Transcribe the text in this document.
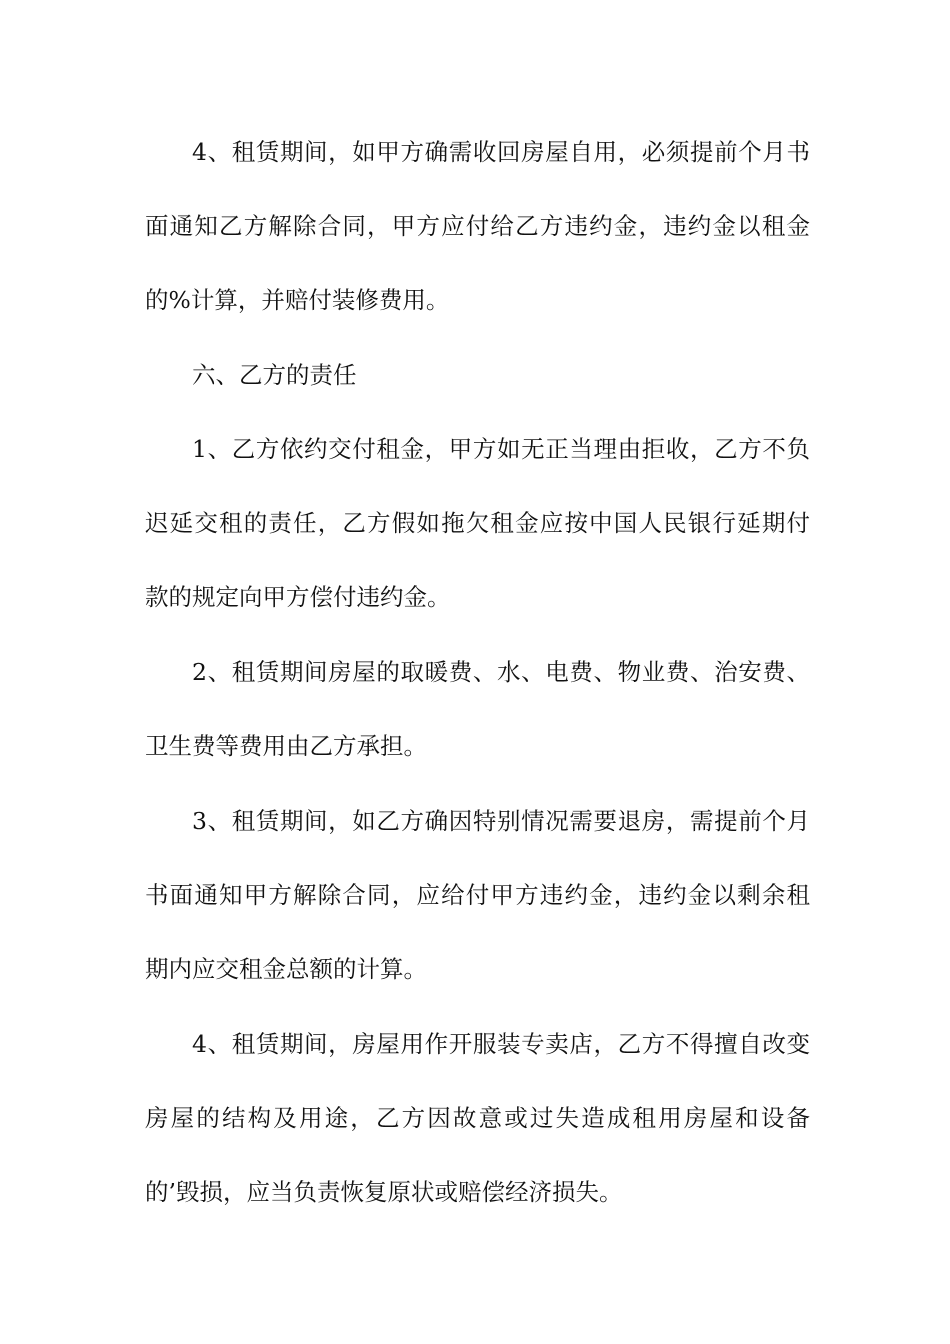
4、租赁期间，如甲方确需收回房屋自用，必须提前个月书
面通知乙方解除合同，甲方应付给乙方违约金，违约金以租金
的%计算，并赔付装修费用。
六、乙方的责任
1、乙方依约交付租金，甲方如无正当理由拒收，乙方不负
迟延交租的责任，乙方假如拖欠租金应按中国人民银行延期付
款的规定向甲方偿付违约金。
2、租赁期间房屋的取暖费、水、电费、物业费、治安费、
卫生费等费用由乙方承担。
3、租赁期间，如乙方确因特别情况需要退房，需提前个月
书面通知甲方解除合同，应给付甲方违约金，违约金以剩余租
期内应交租金总额的计算。
4、租赁期间，房屋用作开服装专卖店，乙方不得擅自改变
房屋的结构及用途，乙方因故意或过失造成租用房屋和设备
的’毁损，应当负责恢复原状或赔偿经济损失。
